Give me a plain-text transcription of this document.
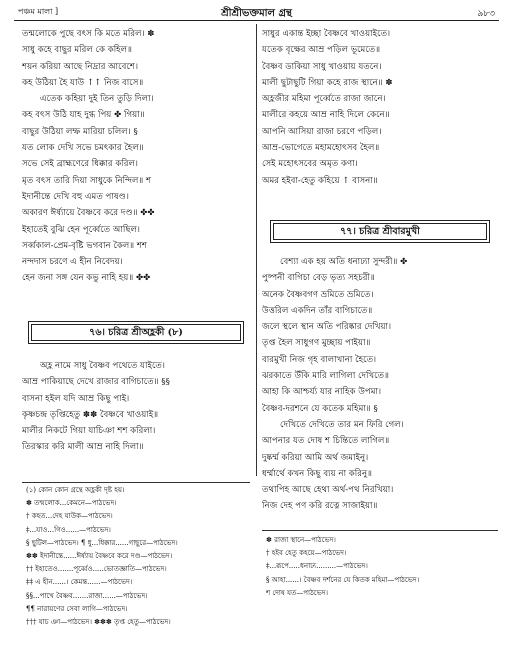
পঞ্চম মালা ]	শ্রীশ্রীভক্তমাল গ্রন্থ	৯৮৩
তন্মলোকে পুছে বৎস কি মতে মরিল। ✽
সাধু কহে বাছুর মরিল কে কহিল॥
শয়ন করিয়া আছে নিদ্রার আবেশে।
কহ উঠিয়া হৈ যাউ ↑↑ নিজ বাসে॥
এতেক কহিয়া দুই তিন তুড়ি দিলা।
কহ বৎস উঠি যাহ দুগ্ধ পিয় ✤ গিয়া॥
বাছুর উঠিয়া লম্ফ মারিয়া চলিল। §
যত লোক দেখি সভে চমৎকার হৈল॥
সভে সেই ব্রাহ্মণেরে ধিক্কার করিল।
মৃত বৎস তারি দিয়া সাধুকে নিন্দিল॥ শ
ইদানীন্তে দেখি বহু এমত পাষণ্ড।
অকারণ ঈর্ষ্যায়ে বৈষ্ণবে করে দণ্ড॥ ✤✤
ইহাতেই বুঝি হেন পূর্ব্বেতে আছিল।
সর্ব্বকাল-প্রেম-বৃষ্টি ভগবান কৈল॥ শশ
নন্দদাস চরণে এ হীন নিবেদয়।
হেন জনা সঙ্গ যেন কভু নাহি হয়॥ ✤✤
৭৬। চরিত্র শ্রীঅহ্লকী (৮)
অহ্ল নামে সাধু বৈষ্ণব পথেতে যাইতে।
আম্র পাকিয়াছে দেখে রাজার বাগিচাতে॥ §§
বাসনা হইল যদি আম্র কিছু পাই।
কৃষ্ণচন্দ্র তৃপ্তিহেতু ✽✽ বৈষ্ণবে খাওয়াই॥
মালীর নিকটে গিয়া যাচিঞা শশ করিলা।
তিরস্কার করি মালী আম্র নাহি দিলা॥
(১) কোন কোন গ্রন্থে অহ্লকী দৃষ্ট হয়।
✽ তন্মলোক...কেমনে—পাঠভেদ।
† কহত...দেহ যাউক—পাঠভেদ।
‡...যাও...গিও......—পাঠভেদ।
§ ছুটিল—পাঠভেদ। ¶ ধু...ধিক্কার......গাছুরে—পাঠভেদ।
✽✽ ইদানীন্তে......ঈর্ষ্যায় বৈষ্ণবে করে দণ্ড—পাঠভেদ।
†† ইহাতেও.......পূর্ব্বেও.....ভোতজ্ঞাতি—পাঠভেদ।
‡‡ এ হীন......। কেমন্ত......—পাঠভেদ।
§§...পাখে বৈষ্ণব.......রাজা......—পাঠভেদ।
¶¶ নারায়ণের সেবা লাগি—পাঠভেদ।
††† যাচ ঞা—পাঠভেদ। ✽✽✽ তৃপ্ত হেতু—পাঠভেদ।
সাধুর একান্ত ইচ্ছা বৈষ্ণবে খাওয়াইতে।
যতেক বৃক্ষের আম্র পড়িল ভূমেতে॥
বৈষ্ণব ডাকিয়া সাধু খাওয়ায় যতনে।
মালী ছুটাছুটি গিয়া কহে রাজ স্থানে॥ ✽
অহ্লজীর মহিমা পূর্ব্বেতে রাজা জানে।
মালীরে কহয়ে আম্র নাহি দিলে কেনে॥
আপনি আসিয়া রাজা চরণে পড়িল।
আম্র-ভোগেতে মহামহোৎসব হৈল॥
সেই মহোৎসবের অমৃত কণা।
অমর হইবা-হেতু কহিয়ে ↑ বাসনা॥
৭৭। চরিত্র শ্রীবারমুখী
বেশ্যা এক হয় অতি ধনাঢ্যা সুন্দরী॥ ✤
পুষ্পনী বাগিচা বেড় ভৃত্য সহচরী॥
অনেক বৈষ্ণবগণ ভ্রমিতে ভ্রমিতে।
উত্তরিল একদিন তাঁর বাগিচাতে॥
জলে স্থলে স্থান অতি পরিষ্কার দেখিয়া।
তৃপ্ত হৈল সাধুগণ মুচ্ছায় পাইয়া॥
বারমুখী নিজ গৃহ বালাখানা হৈতে।
ঝরকাতে উঁকি মারি লাগিলা দেখিতে॥
আহা কি আশ্চর্য্য যার নাহিক উপমা।
বৈষ্ণব-দরশনে যে কতেক মহিমা॥ §
দেখিতে দেখিতে তার মন ফিরি গেল।
আপনার যত দোষ শ চিন্তিতে লাগিল॥
দুষ্কর্ম্ম করিয়া আমি অর্থ জমাইনু।
ধর্ম্মার্থে কখন কিছু ব্যয় না করিনু॥
তথাপিহ আছে হেথা অর্থ-পথ নিরখিয়া।
নিজ দেহ পণ করি রত্নে সাজাইয়া॥
✽ রাজা স্থানে—পাঠভেদ।
† হইব হেতু কহয়ে—পাঠভেদ।
‡...রূপে.....ধনাঢ্য.........—পাঠভেদ।
§ আহা......। বৈষ্ণব দর্শনের যে কিতক মহিমা—পাঠভেদ।
শ দোষ যত—পাঠভেদ।
